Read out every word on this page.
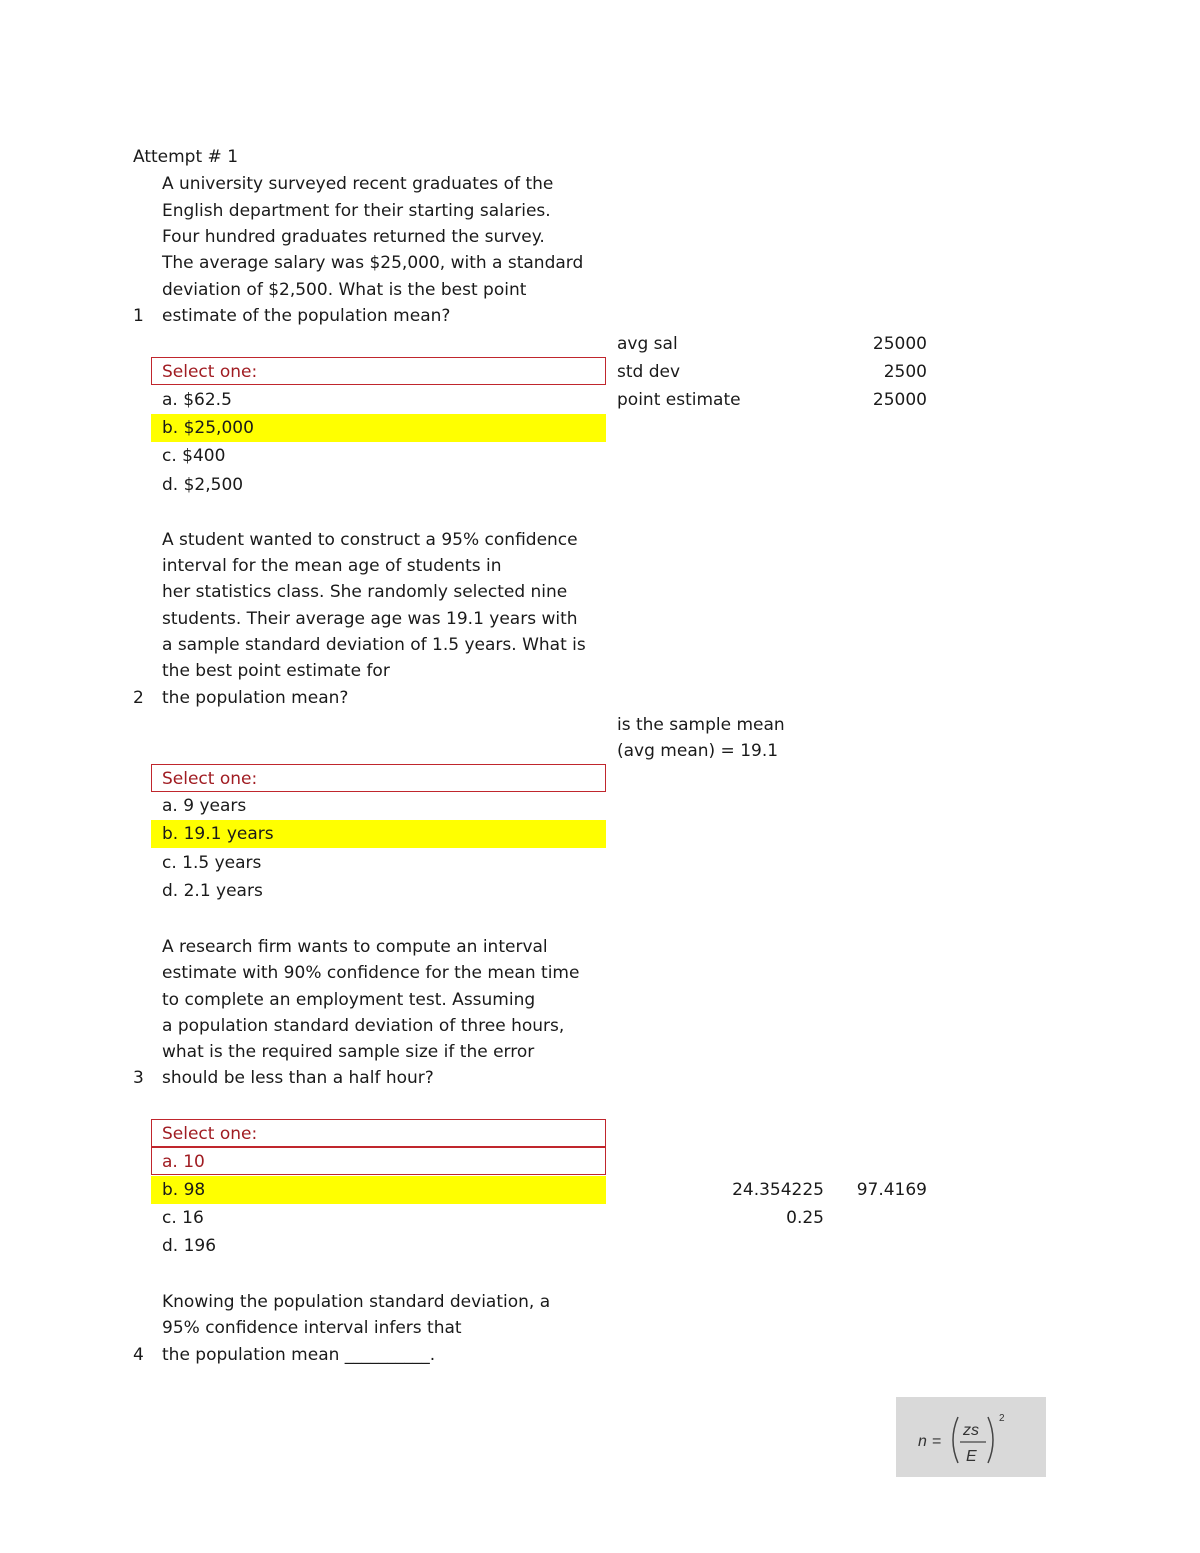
Attempt # 1
A university surveyed recent graduates of the
English department for their starting salaries.
Four hundred graduates returned the survey.
The average salary was $25,000, with a standard
deviation of $2,500. What is the best point
1 estimate of the population mean?
Select one:
a. $62.5
b. $25,000
c. $400
d. $2,500
avg sal	25000
std dev	2500
point estimate	25000
A student wanted to construct a 95% confidence
interval for the mean age of students in
her statistics class. She randomly selected nine
students. Their average age was 19.1 years with
a sample standard deviation of 1.5 years. What is
the best point estimate for
2 the population mean?
Select one:
a. 9 years
b. 19.1 years
c. 1.5 years
d. 2.1 years
is the sample mean
(avg mean) = 19.1
A research firm wants to compute an interval
estimate with 90% confidence for the mean time
to complete an employment test. Assuming
a population standard deviation of three hours,
what is the required sample size if the error
3 should be less than a half hour?
Select one:
a. 10
b. 98
c. 16
d. 196
24.354225	97.4169
0.25
Knowing the population standard deviation, a
95% confidence interval infers that
4 the population mean __________.
n =
zs
E
2
